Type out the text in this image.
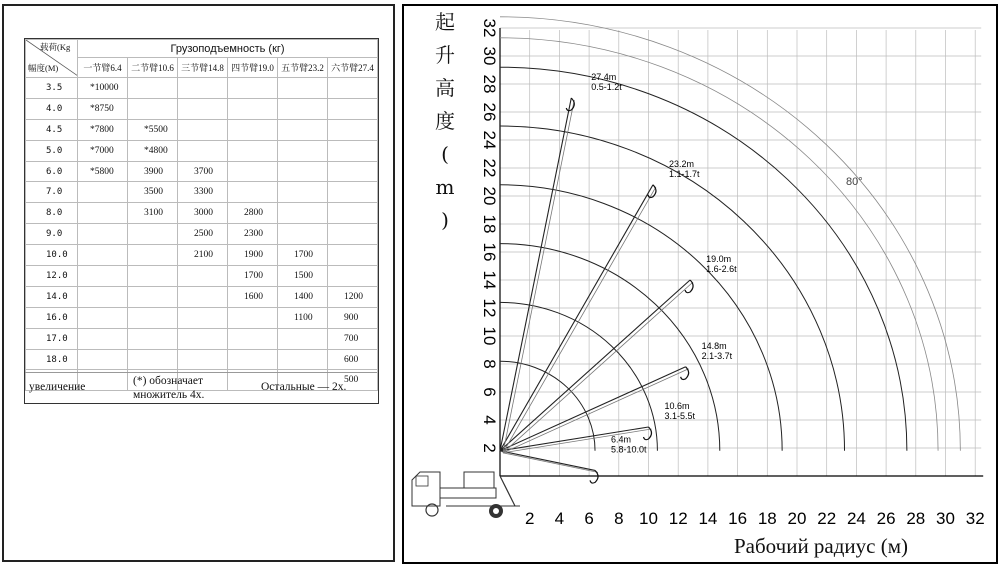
载荷(Kg
幅度(M)	Грузоподъемность (кг)					
	一节臂6.4	二节臂10.6	三节臂14.8	四节臂19.0	五节臂23.2	六节臂27.4
3.5	*10000					
4.0	*8750					
4.5	*7800	*5500				
5.0	*7000	*4800				
6.0	*5800	3900	3700			
7.0		3500	3300			
8.0		3100	3000	2800		
9.0			2500	2300		
10.0			2100	1900	1700	
12.0				1700	1500	
14.0				1600	1400	1200
16.0					1100	900
17.0						700
18.0						600
						500
увеличение	(*) обозначает множитель 4х.
Остальные — 2х.
2 4 6 8 10 12 14 16 18 20 22 24 26 28 30 32
2
4
6
8
10
12
14
16
18
20
22
24
26
28
30
32
6.4m
5.8-10.0t
10.6m
3.1-5.5t
14.8m
2.1-3.7t
19.0m
1.6-2.6t
23.2m
1.1-1.7t
27.4m
0.5-1.2t
80°
起
升
高
度
(
m
)
Рабочий радиус (м)
